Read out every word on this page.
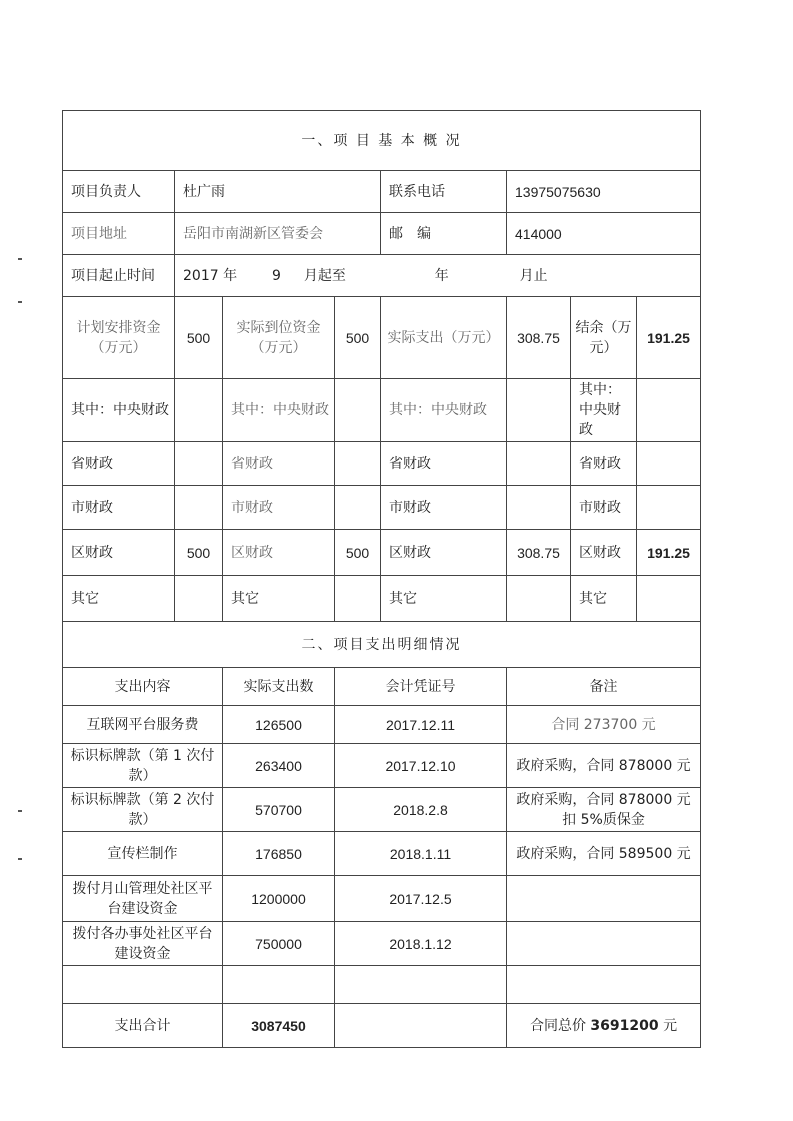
一、项 目 基 本 概 况							
项目负责人	杜广雨			联系电话	13975075630		
项目地址	岳阳市南湖新区管委会			邮　编	414000		
项目起止时间	2017 年 9 月起至 年 月止						
计划安排资金（万元）	500	实际到位资金（万元）	500	实际支出（万元）	308.75	结余（万元）	191.25
其中：中央财政		其中：中央财政		其中：中央财政		其中：中央财政	
省财政		省财政		省财政		省财政	
市财政		市财政		市财政		市财政	
区财政	500	区财政	500	区财政	308.75	区财政	191.25
其它		其它		其它		其它	
二、项目支出明细情况							
支出内容		实际支出数	会计凭证号		备注		
互联网平台服务费		126500	2017.12.11		合同 273700 元		
标识标牌款（第 1 次付款）		263400	2017.12.10		政府采购，合同 878000 元		
标识标牌款（第 2 次付款）		570700	2018.2.8		政府采购，合同 878000 元扣 5%质保金		
宣传栏制作		176850	2018.1.11		政府采购，合同 589500 元		
拨付月山管理处社区平台建设资金		1200000	2017.12.5				
拨付各办事处社区平台建设资金		750000	2018.1.12				

支出合计		3087450			合同总价 3691200 元		
